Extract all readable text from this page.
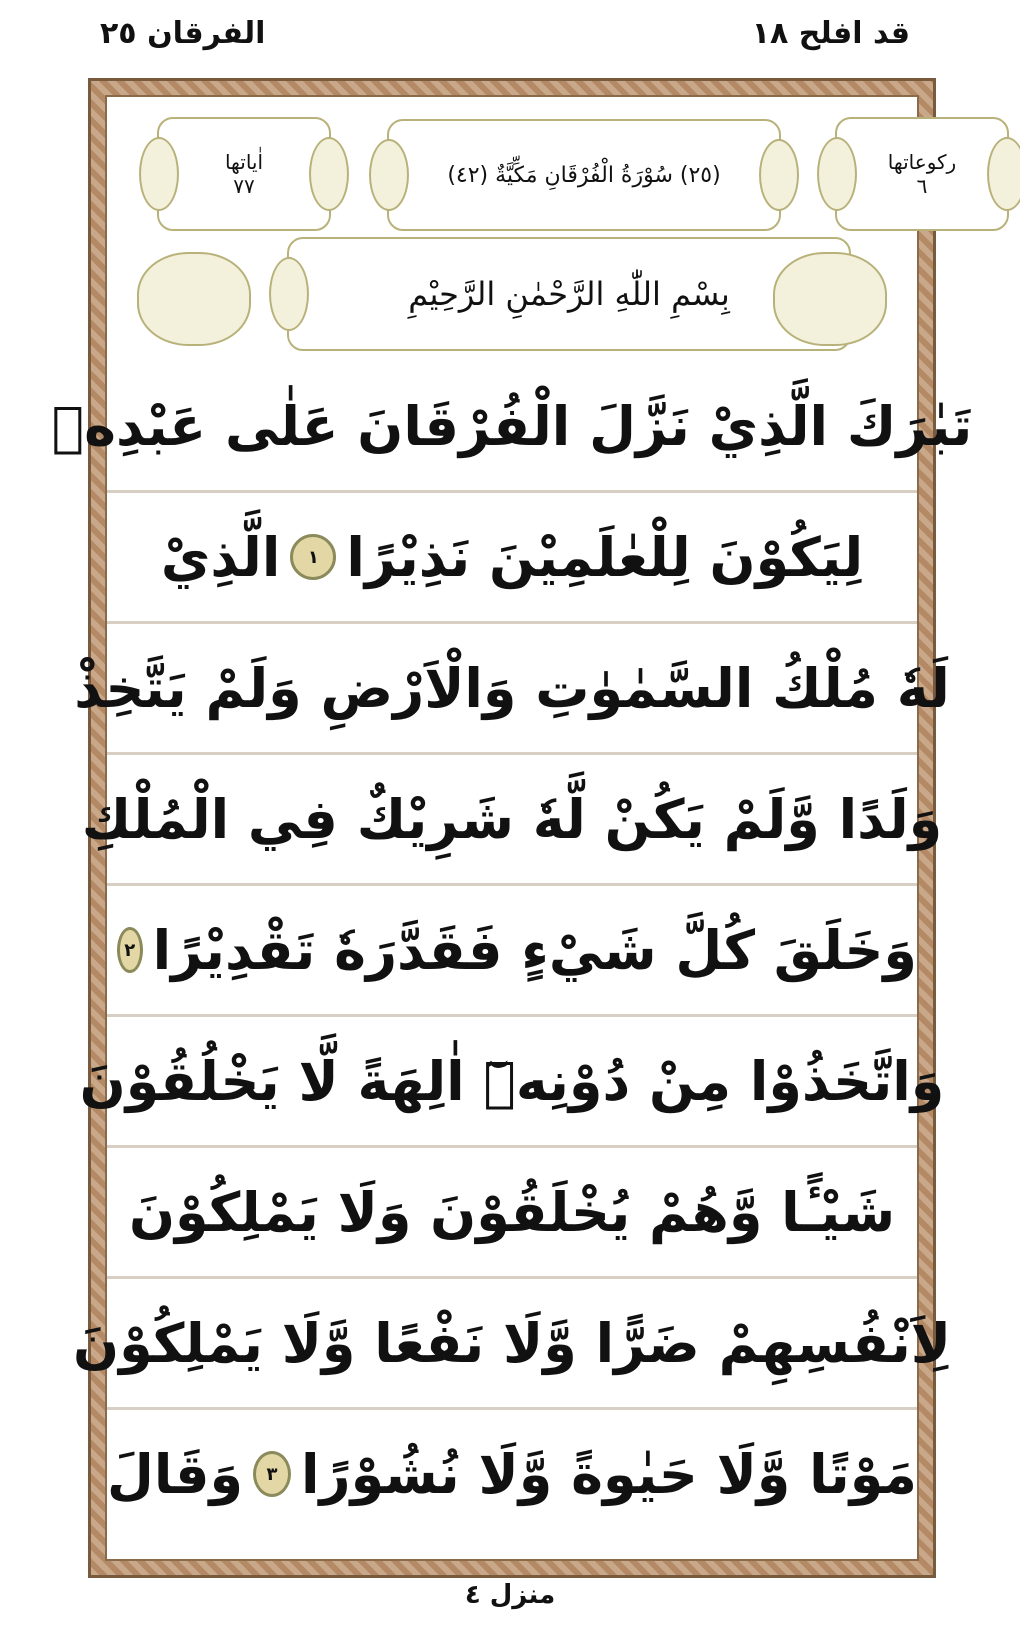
الفرقان ٢٥	قد افلح ١٨
اٰیاتھا
٧٧	(٢٥) سُوْرَةُ الْفُرْقَانِ مَكِّيَّةٌ (٤٢)
رکوعاتھا
٦
بِسْمِ اللّٰهِ الرَّحْمٰنِ الرَّحِيْمِ
تَبٰرَكَ الَّذِيْ نَزَّلَ الْفُرْقَانَ عَلٰى عَبْدِهٖ
لِيَكُوْنَ لِلْعٰلَمِيْنَ نَذِيْرًا
١
الَّذِيْ
لَهٗ مُلْكُ السَّمٰوٰتِ وَالْاَرْضِ وَلَمْ يَتَّخِذْ
وَلَدًا وَّلَمْ يَكُنْ لَّهٗ شَرِيْكٌ فِي الْمُلْكِ
وَخَلَقَ كُلَّ شَيْءٍ فَقَدَّرَهٗ تَقْدِيْرًا
٢
وَاتَّخَذُوْا مِنْ دُوْنِهٖٓ اٰلِهَةً لَّا يَخْلُقُوْنَ
شَيْـًٔا وَّهُمْ يُخْلَقُوْنَ وَلَا يَمْلِكُوْنَ
لِاَنْفُسِهِمْ ضَرًّا وَّلَا نَفْعًا وَّلَا يَمْلِكُوْنَ
مَوْتًا وَّلَا حَيٰوةً وَّلَا نُشُوْرًا
٣
وَقَالَ
منزل ٤
